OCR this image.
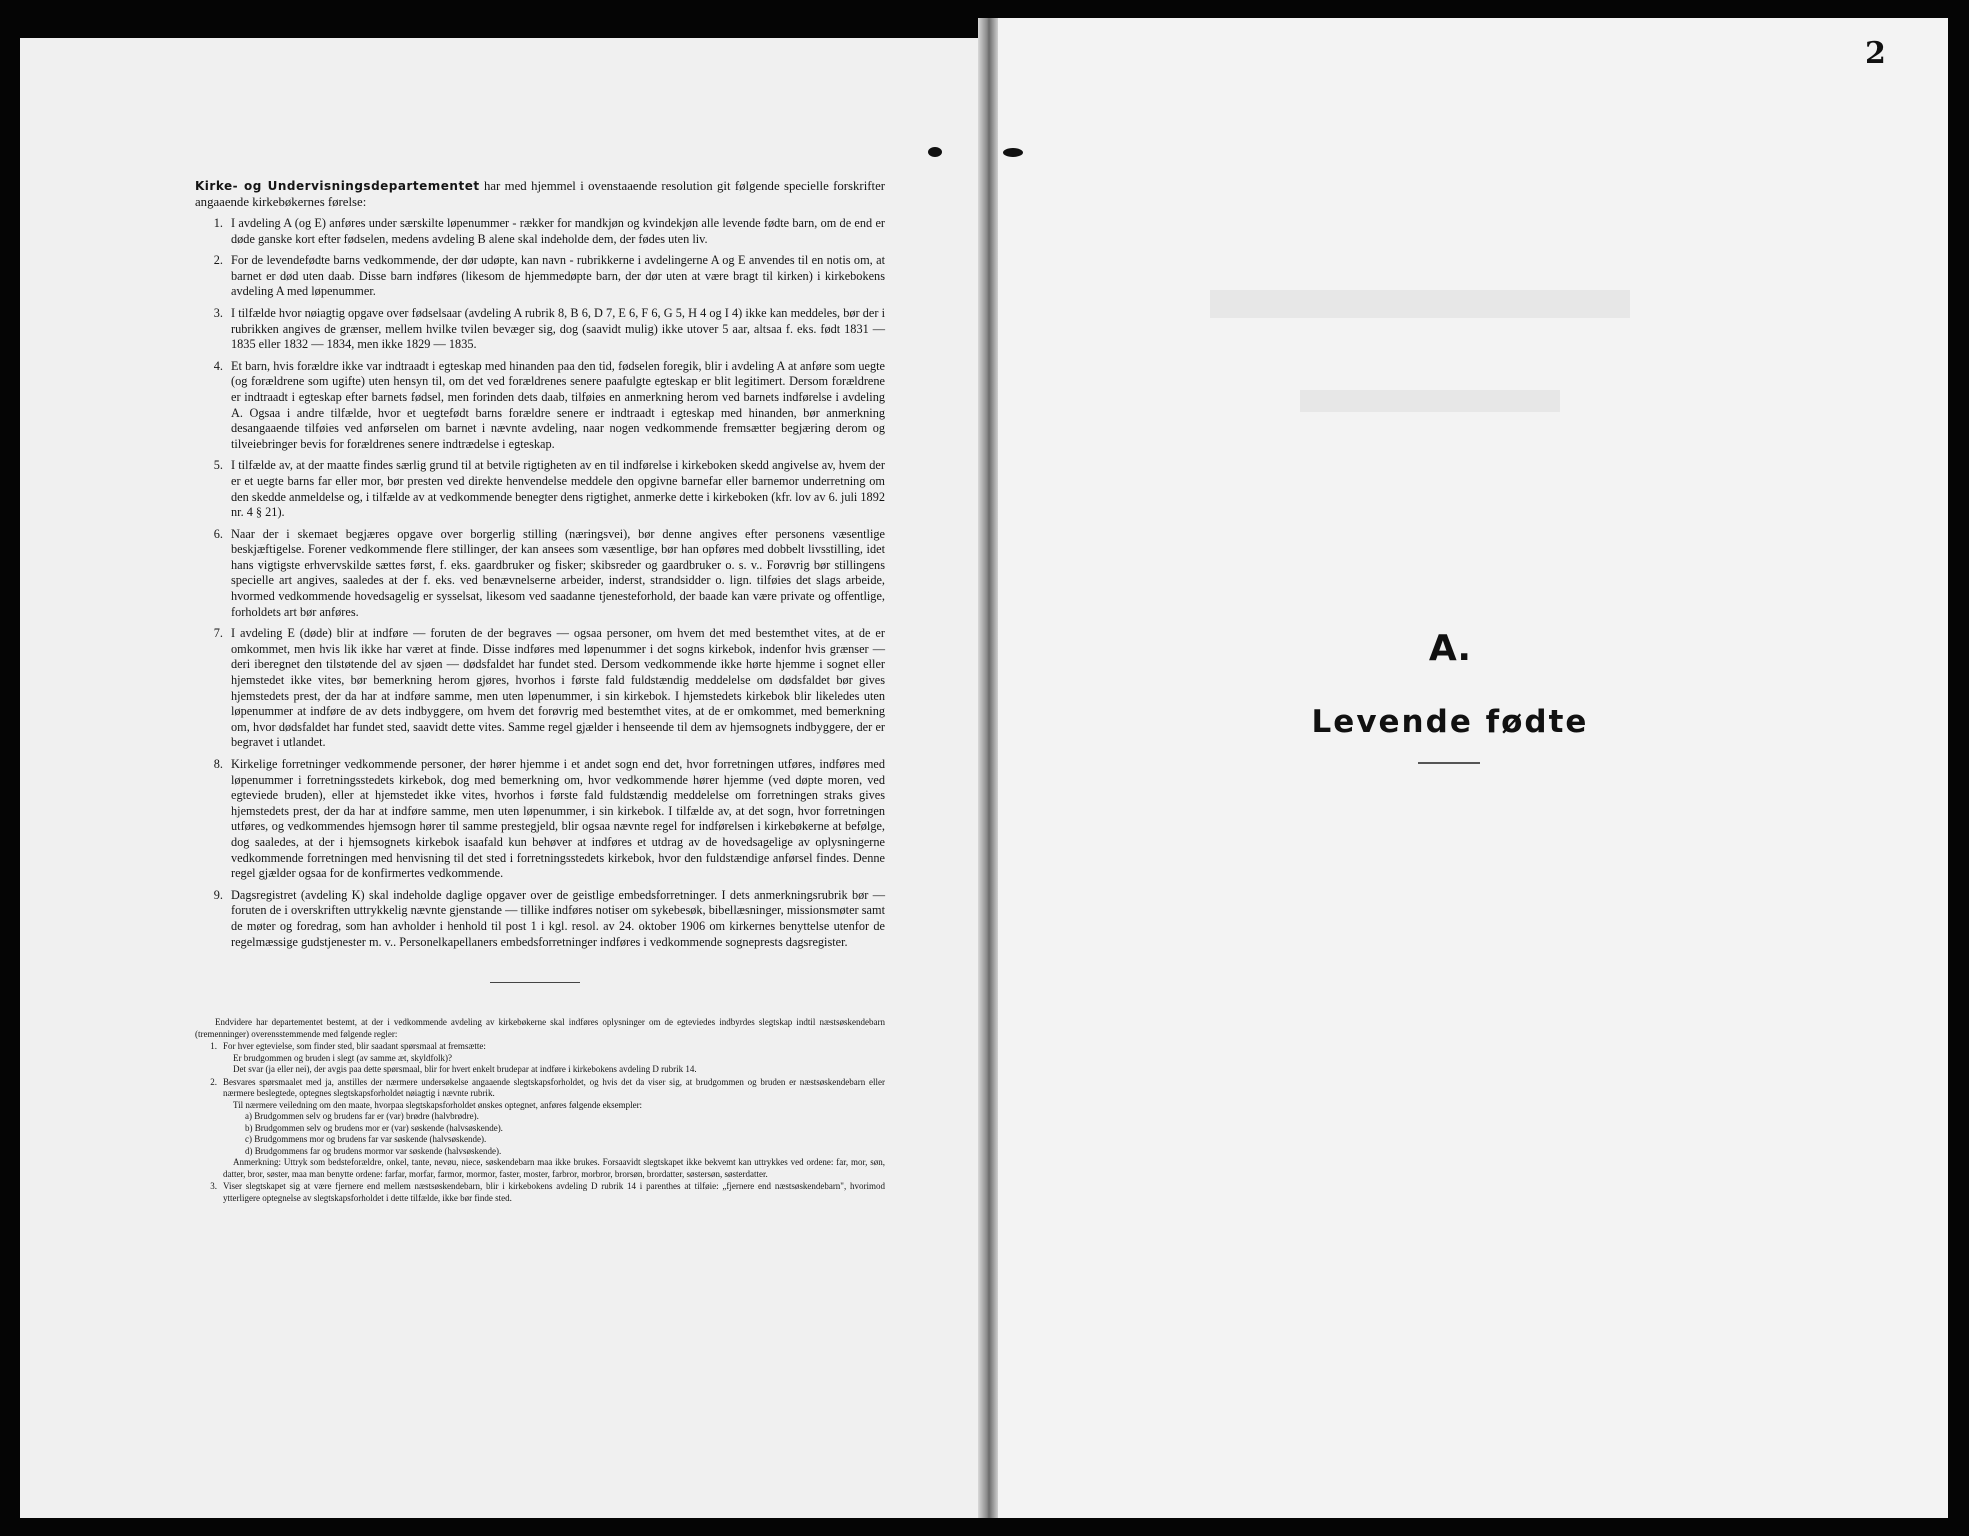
Kirke- og Undervisningsdepartementet har med hjemmel i ovenstaaende resolution git følgende specielle forskrifter angaaende kirkebøkernes førelse:

1. I avdeling A (og E) anføres under særskilte løpenummer - rækker for mandkjøn og kvindekjøn alle levende fødte barn, om de end er døde ganske kort efter fødselen, medens avdeling B alene skal indeholde dem, der fødes uten liv.
2. For de levendefødte barns vedkommende, der dør udøpte, kan navn - rubrikkerne i avdelingerne A og E anvendes til en notis om, at barnet er død uten daab. Disse barn indføres (likesom de hjemmedøpte barn, der dør uten at være bragt til kirken) i kirkebokens avdeling A med løpenummer.
3. I tilfælde hvor nøiagtig opgave over fødselsaar (avdeling A rubrik 8, B 6, D 7, E 6, F 6, G 5, H 4 og I 4) ikke kan meddeles, bør der i rubrikken angives de grænser, mellem hvilke tvilen bevæger sig, dog (saavidt mulig) ikke utover 5 aar, altsaa f. eks. født 1831 — 1835 eller 1832 — 1834, men ikke 1829 — 1835.
4. Et barn, hvis forældre ikke var indtraadt i egteskap med hinanden paa den tid, fødselen foregik, blir i avdeling A at anføre som uegte (og forældrene som ugifte) uten hensyn til, om det ved forældrenes senere paafulgte egteskap er blit legitimert. Dersom forældrene er indtraadt i egteskap efter barnets fødsel, men forinden dets daab, tilføies en anmerkning herom ved barnets indførelse i avdeling A. Ogsaa i andre tilfælde, hvor et uegtefødt barns forældre senere er indtraadt i egteskap med hinanden, bør anmerkning desangaaende tilføies ved anførselen om barnet i nævnte avdeling, naar nogen vedkommende fremsætter begjæring derom og tilveiebringer bevis for forældrenes senere indtrædelse i egteskap.
5. I tilfælde av, at der maatte findes særlig grund til at betvile rigtigheten av en til indførelse i kirkeboken skedd angivelse av, hvem der er et uegte barns far eller mor, bør presten ved direkte henvendelse meddele den opgivne barnefar eller barnemor underretning om den skedde anmeldelse og, i tilfælde av at vedkommende benegter dens rigtighet, anmerke dette i kirkeboken (kfr. lov av 6. juli 1892 nr. 4 § 21).
6. Naar der i skemaet begjæres opgave over borgerlig stilling (næringsvei), bør denne angives efter personens væsentlige beskjæftigelse. Forener vedkommende flere stillinger, der kan ansees som væsentlige, bør han opføres med dobbelt livsstilling, idet hans vigtigste erhvervskilde sættes først, f. eks. gaardbruker og fisker; skibsreder og gaardbruker o. s. v.. Forøvrig bør stillingens specielle art angives, saaledes at der f. eks. ved benævnelserne arbeider, inderst, strandsidder o. lign. tilføies det slags arbeide, hvormed vedkommende hovedsagelig er sysselsat, likesom ved saadanne tjenesteforhold, der baade kan være private og offentlige, forholdets art bør anføres.
7. I avdeling E (døde) blir at indføre — foruten de der begraves — ogsaa personer, om hvem det med bestemthet vites, at de er omkommet, men hvis lik ikke har været at finde. Disse indføres med løpenummer i det sogns kirkebok, indenfor hvis grænser — deri iberegnet den tilstøtende del av sjøen — dødsfaldet har fundet sted. Dersom vedkommende ikke hørte hjemme i sognet eller hjemstedet ikke vites, bør bemerkning herom gjøres, hvorhos i første fald fuldstændig meddelelse om dødsfaldet bør gives hjemstedets prest, der da har at indføre samme, men uten løpenummer, i sin kirkebok. I hjemstedets kirkebok blir likeledes uten løpenummer at indføre de av dets indbyggere, om hvem det forøvrig med bestemthet vites, at de er omkommet, med bemerkning om, hvor dødsfaldet har fundet sted, saavidt dette vites. Samme regel gjælder i henseende til dem av hjemsognets indbyggere, der er begravet i utlandet.
8. Kirkelige forretninger vedkommende personer, der hører hjemme i et andet sogn end det, hvor forretningen utføres, indføres med løpenummer i forretningsstedets kirkebok, dog med bemerkning om, hvor vedkommende hører hjemme (ved døpte moren, ved egteviede bruden), eller at hjemstedet ikke vites, hvorhos i første fald fuldstændig meddelelse om forretningen straks gives hjemstedets prest, der da har at indføre samme, men uten løpenummer, i sin kirkebok. I tilfælde av, at det sogn, hvor forretningen utføres, og vedkommendes hjemsogn hører til samme prestegjeld, blir ogsaa nævnte regel for indførelsen i kirkebøkerne at befølge, dog saaledes, at der i hjemsognets kirkebok isaafald kun behøver at indføres et utdrag av de hovedsagelige av oplysningerne vedkommende forretningen med henvisning til det sted i forretningsstedets kirkebok, hvor den fuldstændige anførsel findes. Denne regel gjælder ogsaa for de konfirmertes vedkommende.
9. Dagsregistret (avdeling K) skal indeholde daglige opgaver over de geistlige embedsforretninger. I dets anmerkningsrubrik bør — foruten de i overskriften uttrykkelig nævnte gjenstande — tillike indføres notiser om sykebesøk, bibellæsninger, missionsmøter samt de møter og foredrag, som han avholder i henhold til post 1 i kgl. resol. av 24. oktober 1906 om kirkernes benyttelse utenfor de regelmæssige gudstjenester m. v.. Personelkapellaners embedsforretninger indføres i vedkommende sogneprests dagsregister.

Endvidere har departementet bestemt, at der i vedkommende avdeling av kirkebøkerne skal indføres oplysninger om de egteviedes indbyrdes slegtskap indtil næstsøskendebarn (tremenninger) overensstemmende med følgende regler:

1. For hver egtevielse, som finder sted, blir saadant spørsmaal at fremsætte:
Er brudgommen og bruden i slegt (av samme æt, skyldfolk)?
Det svar (ja eller nei), der avgis paa dette spørsmaal, blir for hvert enkelt brudepar at indføre i kirkebokens avdeling D rubrik 14.
2. Besvares spørsmaalet med ja, anstilles der nærmere undersøkelse angaaende slegtskapsforholdet, og hvis det da viser sig, at brudgommen og bruden er næstsøskendebarn eller nærmere beslegtede, optegnes slegtskapsforholdet nøiagtig i nævnte rubrik.
Til nærmere veiledning om den maate, hvorpaa slegtskapsforholdet ønskes optegnet, anføres følgende eksempler:
a) Brudgommen selv og brudens far er (var) brødre (halvbrødre).
b) Brudgommen selv og brudens mor er (var) søskende (halvsøskende).
c) Brudgommens mor og brudens far var søskende (halvsøskende).
d) Brudgommens far og brudens mormor var søskende (halvsøskende).
Anmerkning: Uttryk som bedsteforældre, onkel, tante, nevøu, niece, søskendebarn maa ikke brukes. Forsaavidt slegtskapet ikke bekvemt kan uttrykkes ved ordene: far, mor, søn, datter, bror, søster, maa man benytte ordene: farfar, morfar, farmor, mormor, faster, moster, farbror, morbror, brorsøn, brordatter, søstersøn, søsterdatter.
3. Viser slegtskapet sig at være fjernere end mellem næstsøskendebarn, blir i kirkebokens avdeling D rubrik 14 i parenthes at tilføie: „fjernere end næstsøskendebarn", hvorimod ytterligere optegnelse av slegtskapsforholdet i dette tilfælde, ikke bør finde sted.
2
A.
Levende fødte
